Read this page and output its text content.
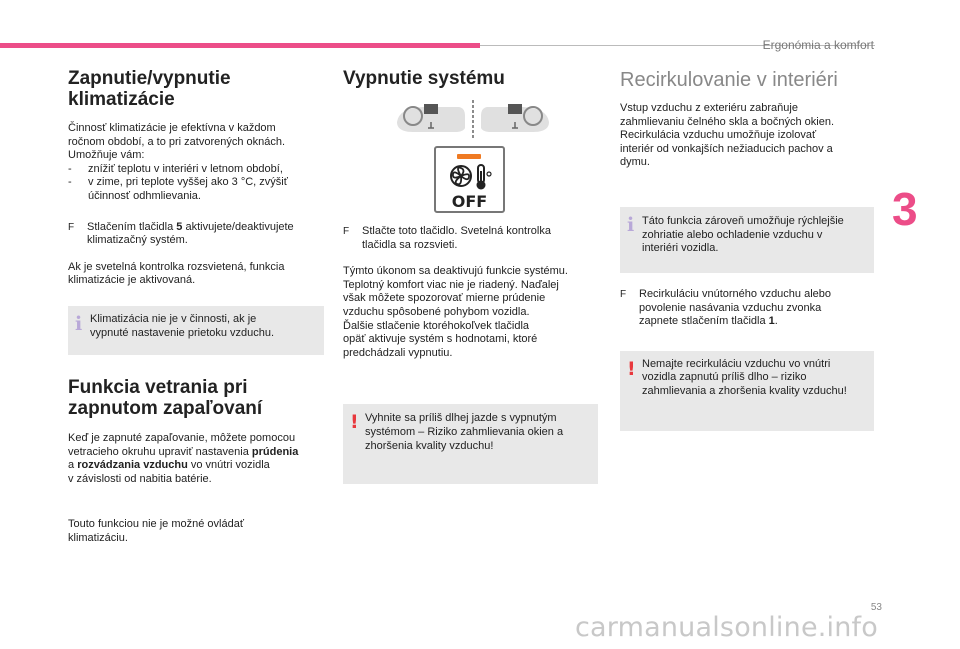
Ergonómia a komfort
3
Zapnutie/vypnutie
klimatizácie

Činnosť klimatizácie je efektívna v každom

ročnom období, a to pri zatvorených oknách.

Umožňuje vám:

-	znížiť teplotu v interiéri v letnom období,
-	v zime, pri teplote vyššej ako 3 °C, zvýšiť
účinnosť odhmlievania.
F	Stlačením tlačidla 5 aktivujete/deaktivujete
klimatizačný systém.

Ak je svetelná kontrolka rozsvietená, funkcia

klimatizácie je aktivovaná.

i Klimatizácia nie je v činnosti, ak je
vypnuté nastavenie prietoku vzduchu.
Funkcia vetrania pri
zapnutom zapaľovaní

Keď je zapnuté zapaľovanie, môžete pomocou

vetracieho okruhu upraviť nastavenia prúdenia

a rozvádzania vzduchu vo vnútri vozidla

v závislosti od nabitia batérie.

Touto funkciou nie je možné ovládať

klimatizáciu.

Vypnutie systému
OFF
F	Stlačte toto tlačidlo. Svetelná kontrolka
tlačidla sa rozsvieti.

Týmto úkonom sa deaktivujú funkcie systému.

Teplotný komfort viac nie je riadený. Naďalej

však môžete spozorovať mierne prúdenie

vzduchu spôsobené pohybom vozidla.

Ďalšie stlačenie ktoréhokoľvek tlačidla

opäť aktivuje systém s hodnotami, ktoré

predchádzali vypnutiu.

! Vyhnite sa príliš dlhej jazde s vypnutým
systémom – Riziko zahmlievania okien a
zhoršenia kvality vzduchu!
Recirkulovanie v interiéri

Vstup vzduchu z exteriéru zabraňuje

zahmlievaniu čelného skla a bočných okien.

Recirkulácia vzduchu umožňuje izolovať

interiér od vonkajších nežiaducich pachov a

dymu.

i Táto funkcia zároveň umožňuje rýchlejšie
zohriatie alebo ochladenie vzduchu v
interiéri vozidla.
F	Recirkuláciu vnútorného vzduchu alebo
povolenie nasávania vzduchu zvonka
zapnete stlačením tlačidla 1.
! Nemajte recirkuláciu vzduchu vo vnútri
vozidla zapnutú príliš dlho – riziko
zahmlievania a zhoršenia kvality vzduchu!
53
carmanualsonline.info
